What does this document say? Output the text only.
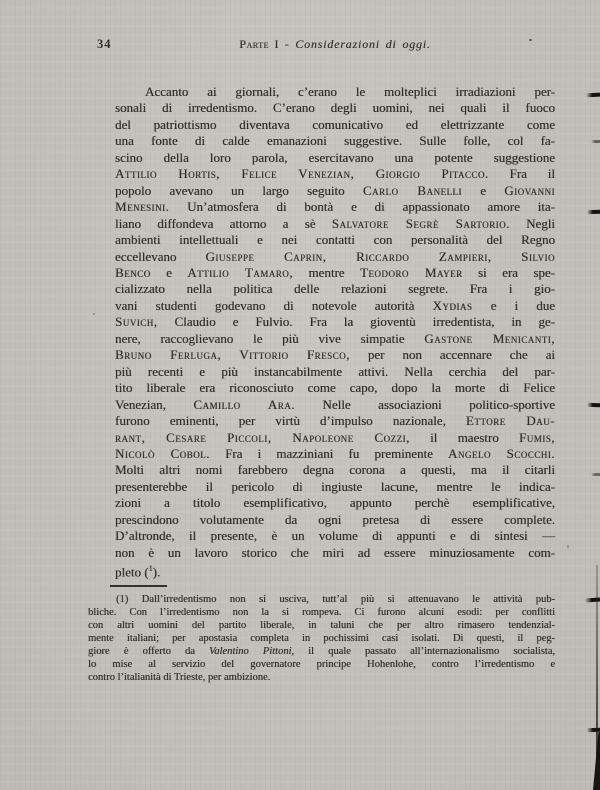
34	Parte I - Considerazioni di oggi.
Accanto ai giornali, c’erano le molteplici irradiazioni per-
sonali di irredentismo. C’erano degli uomini, nei quali il fuoco
del patriottismo diventava comunicativo ed elettrizzante come
una fonte di calde emanazioni suggestive. Sulle folle, col fa-
scino della loro parola, esercitavano una potente suggestione
Attilio Hortis, Felice Venezian, Giorgio Pitacco. Fra il
popolo avevano un largo seguito Carlo Banelli e Giovanni
Menesini. Un’atmosfera di bontà e di appassionato amore ita-
liano diffondeva attorno a sè Salvatore Segrè Sartorio. Negli
ambienti intellettuali e nei contatti con personalità del Regno
eccellevano Giuseppe Caprin, Riccardo Zampieri, Silvio
Benco e Attilio Tamaro, mentre Teodoro Mayer si era spe-
cializzato nella politica delle relazioni segrete. Fra i gio-
vani studenti godevano di notevole autorità Xydias e i due
Suvich, Claudio e Fulvio. Fra la gioventù irredentista, in ge-
nere, raccoglievano le più vive simpatie Gastone Menicanti,
Bruno Ferluga, Vittorio Fresco, per non accennare che ai
più recenti e più instancabilmente attivi. Nella cerchia del par-
tito liberale era riconosciuto come capo, dopo la morte di Felice
Venezian, Camillo Ara. Nelle associazioni politico-sportive
furono eminenti, per virtù d’impulso nazionale, Ettore Dau-
rant, Cesare Piccoli, Napoleone Cozzi, il maestro Fumis,
Nicolò Cobol. Fra i mazziniani fu preminente Angelo Scocchi.
Molti altri nomi farebbero degna corona a questi, ma il citarli
presenterebbe il pericolo di ingiuste lacune, mentre le indica-
zioni a titolo esemplificativo, appunto perchè esemplificative,
prescindono volutamente da ogni pretesa di essere complete.
D’altronde, il presente, è un volume di appunti e di sintesi —
non è un lavoro storico che miri ad essere minuziosamente com-
pleto ($^1$).
(1) Dall’irredentismo non si usciva, tutt’al più si attenuavano le attività pub-
bliche. Con l’irredentismo non la si rompeva. Ci furono alcuni esodi: per conflitti
con altri uomini del partito liberale, in taluni che per altro rimasero tendenzial-
mente italiani; per apostasia completa in pochissimi casi isolati. Di questi, il peg-
giore è offerto da Valentino Pittoni, il quale passato all’internazionalismo socialista,
lo mise al servizio del governatore principe Hohenlohe, contro l’irredentismo e
contro l’italianità di Trieste, per ambizione.
